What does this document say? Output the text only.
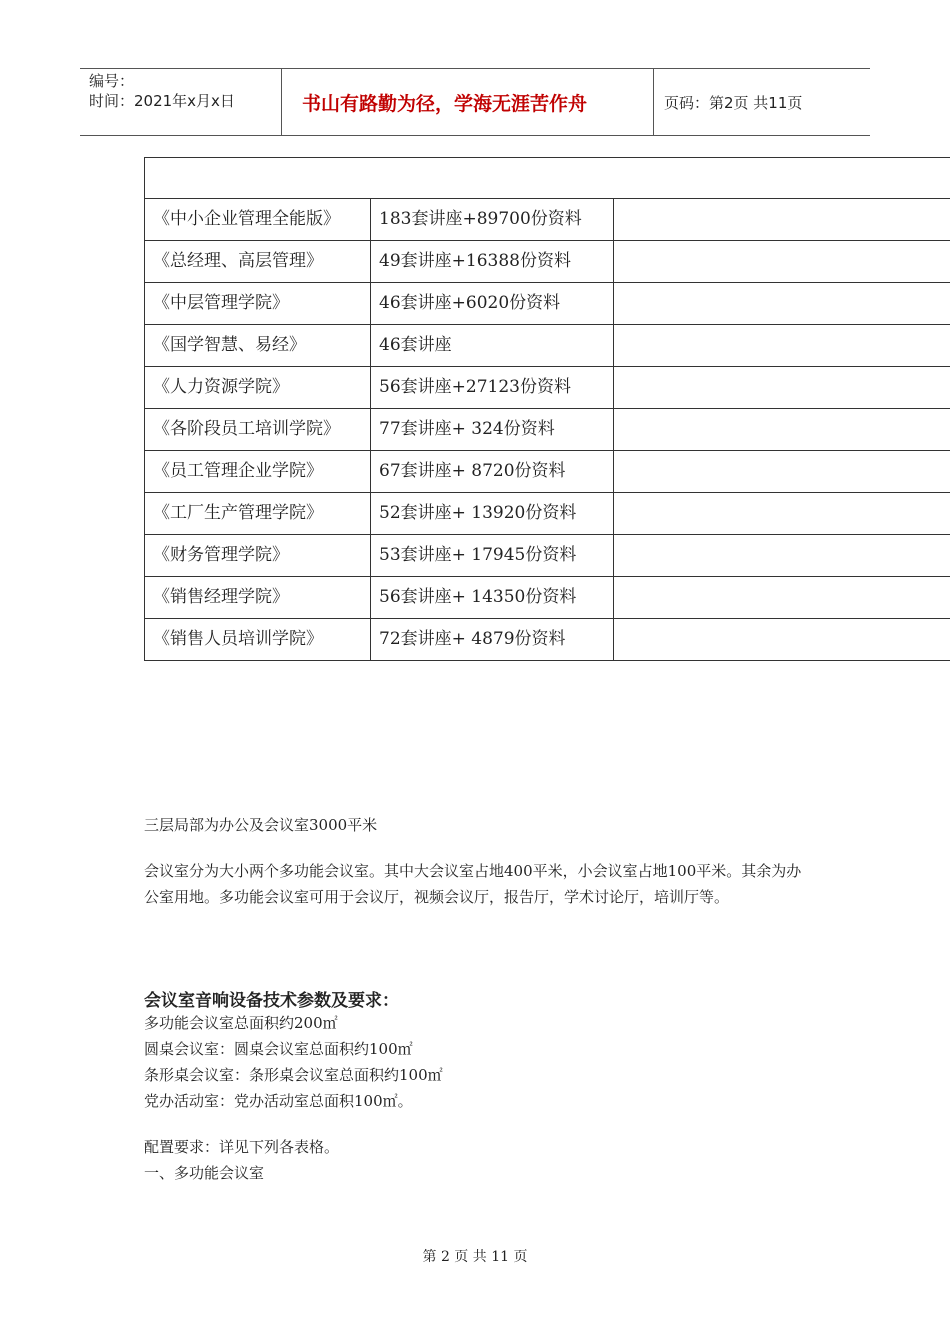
编号：
时间：2021年x月x日	书山有路勤为径，学海无涯苦作舟	页码：第2页 共11页

《中小企业管理全能版》	183套讲座+89700份资料	
《总经理、高层管理》	49套讲座+16388份资料	
《中层管理学院》	46套讲座+6020份资料	
《国学智慧、易经》	46套讲座	
《人力资源学院》	56套讲座+27123份资料	
《各阶段员工培训学院》	77套讲座+ 324份资料	
《员工管理企业学院》	67套讲座+ 8720份资料	
《工厂生产管理学院》	52套讲座+ 13920份资料	
《财务管理学院》	53套讲座+ 17945份资料	
《销售经理学院》	56套讲座+ 14350份资料	
《销售人员培训学院》	72套讲座+ 4879份资料	
三层局部为办公及会议室3000平米
会议室分为大小两个多功能会议室。其中大会议室占地400平米，小会议室占地100平米。其余为办公室用地。多功能会议室可用于会议厅，视频会议厅，报告厅，学术讨论厅，培训厅等。
会议室音响设备技术参数及要求：
多功能会议室总面积约200㎡
圆桌会议室：圆桌会议室总面积约100㎡
条形桌会议室：条形桌会议室总面积约100㎡
党办活动室：党办活动室总面积100㎡。
配置要求：详见下列各表格。
一、多功能会议室
第 2 页 共 11 页
